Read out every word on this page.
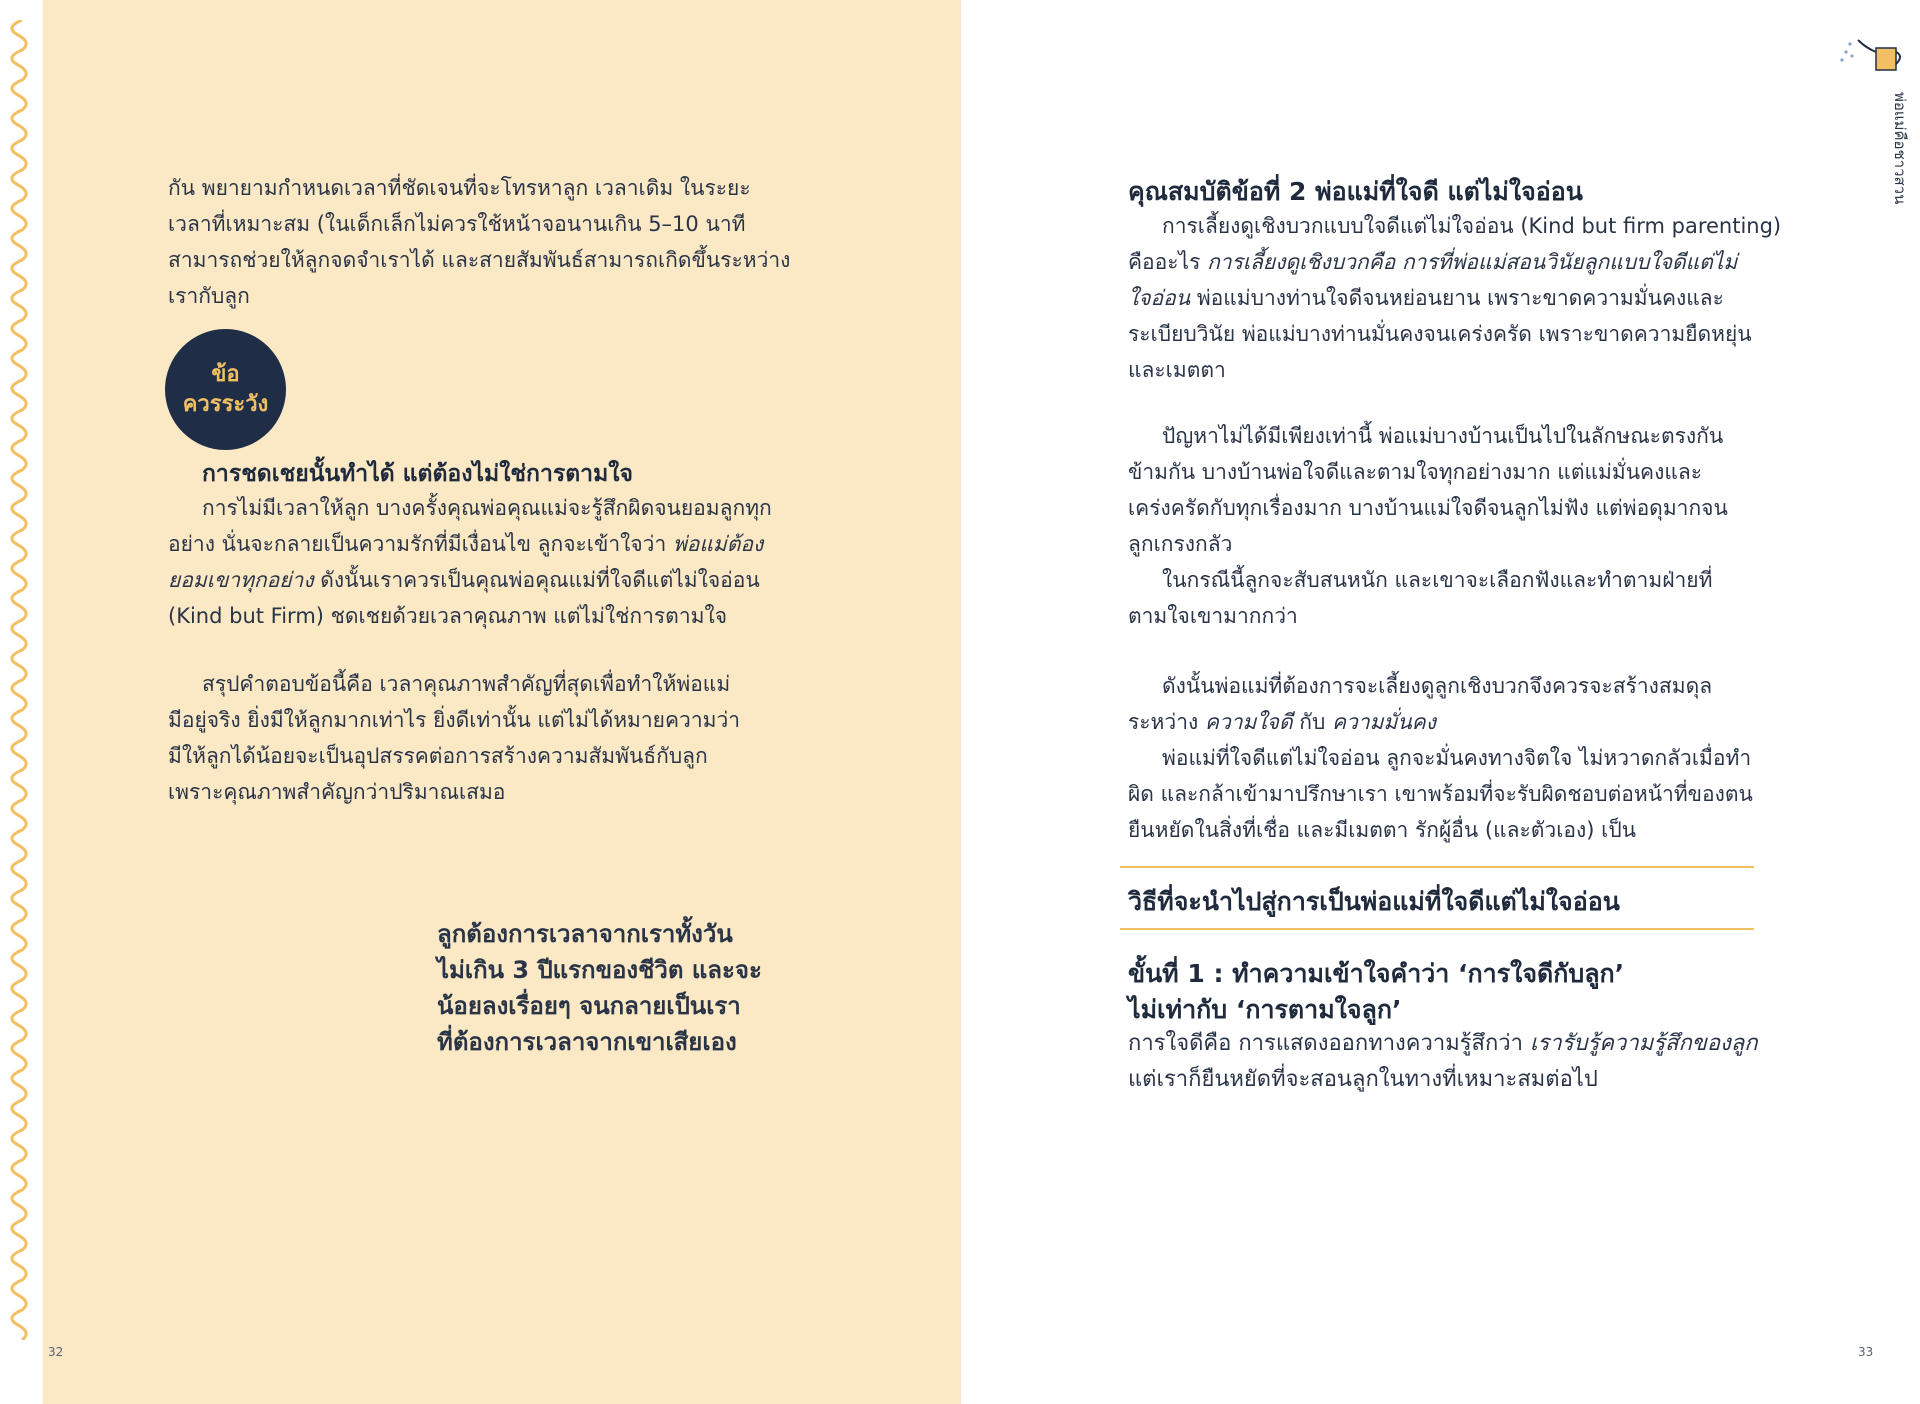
32

กัน พยายามกำหนดเวลาที่ชัดเจนที่จะโทรหาลูก เวลาเดิม ในระยะ

เวลาที่เหมาะสม (ในเด็กเล็กไม่ควรใช้หน้าจอนานเกิน 5–10 นาที

สามารถช่วยให้ลูกจดจำเราได้ และสายสัมพันธ์สามารถเกิดขึ้นระหว่าง

เรากับลูก

ข้อ
ควรระวัง
การชดเชยนั้นทำได้ แต่ต้องไม่ใช่การตามใจ

การไม่มีเวลาให้ลูก บางครั้งคุณพ่อคุณแม่จะรู้สึกผิดจนยอมลูกทุก

อย่าง นั่นจะกลายเป็นความรักที่มีเงื่อนไข ลูกจะเข้าใจว่า พ่อแม่ต้อง

ยอมเขาทุกอย่าง ดังนั้นเราควรเป็นคุณพ่อคุณแม่ที่ใจดีแต่ไม่ใจอ่อน

(Kind but Firm) ชดเชยด้วยเวลาคุณภาพ แต่ไม่ใช่การตามใจ

สรุปคำตอบข้อนี้คือ เวลาคุณภาพสำคัญที่สุดเพื่อทำให้พ่อแม่

มีอยู่จริง ยิ่งมีให้ลูกมากเท่าไร ยิ่งดีเท่านั้น แต่ไม่ได้หมายความว่า

มีให้ลูกได้น้อยจะเป็นอุปสรรคต่อการสร้างความสัมพันธ์กับลูก

เพราะคุณภาพสำคัญกว่าปริมาณเสมอ

ลูกต้องการเวลาจากเราทั้งวัน
ไม่เกิน 3 ปีแรกของชีวิต และจะ
น้อยลงเรื่อยๆ จนกลายเป็นเรา
ที่ต้องการเวลาจากเขาเสียเอง
พ่อแม่คือชาวสวน
33
คุณสมบัติข้อที่ 2 พ่อแม่ที่ใจดี แต่ไม่ใจอ่อน

การเลี้ยงดูเชิงบวกแบบใจดีแต่ไม่ใจอ่อน (Kind but firm parenting)

คืออะไร การเลี้ยงดูเชิงบวกคือ การที่พ่อแม่สอนวินัยลูกแบบใจดีแต่ไม่

ใจอ่อน พ่อแม่บางท่านใจดีจนหย่อนยาน เพราะขาดความมั่นคงและ

ระเบียบวินัย พ่อแม่บางท่านมั่นคงจนเคร่งครัด เพราะขาดความยืดหยุ่น

และเมตตา

ปัญหาไม่ได้มีเพียงเท่านี้ พ่อแม่บางบ้านเป็นไปในลักษณะตรงกัน

ข้ามกัน บางบ้านพ่อใจดีและตามใจทุกอย่างมาก แต่แม่มั่นคงและ

เคร่งครัดกับทุกเรื่องมาก บางบ้านแม่ใจดีจนลูกไม่ฟัง แต่พ่อดุมากจน

ลูกเกรงกลัว

ในกรณีนี้ลูกจะสับสนหนัก และเขาจะเลือกฟังและทำตามฝ่ายที่

ตามใจเขามากกว่า

ดังนั้นพ่อแม่ที่ต้องการจะเลี้ยงดูลูกเชิงบวกจึงควรจะสร้างสมดุล

ระหว่าง ความใจดี กับ ความมั่นคง

พ่อแม่ที่ใจดีแต่ไม่ใจอ่อน ลูกจะมั่นคงทางจิตใจ ไม่หวาดกลัวเมื่อทำ

ผิด และกล้าเข้ามาปรึกษาเรา เขาพร้อมที่จะรับผิดชอบต่อหน้าที่ของตน

ยืนหยัดในสิ่งที่เชื่อ และมีเมตตา รักผู้อื่น (และตัวเอง) เป็น

วิธีที่จะนำไปสู่การเป็นพ่อแม่ที่ใจดีแต่ไม่ใจอ่อน
ขั้นที่ 1 : ทำความเข้าใจคำว่า ‘การใจดีกับลูก’
ไม่เท่ากับ ‘การตามใจลูก’

การใจดีคือ การแสดงออกทางความรู้สึกว่า เรารับรู้ความรู้สึกของลูก

แต่เราก็ยืนหยัดที่จะสอนลูกในทางที่เหมาะสมต่อไป
